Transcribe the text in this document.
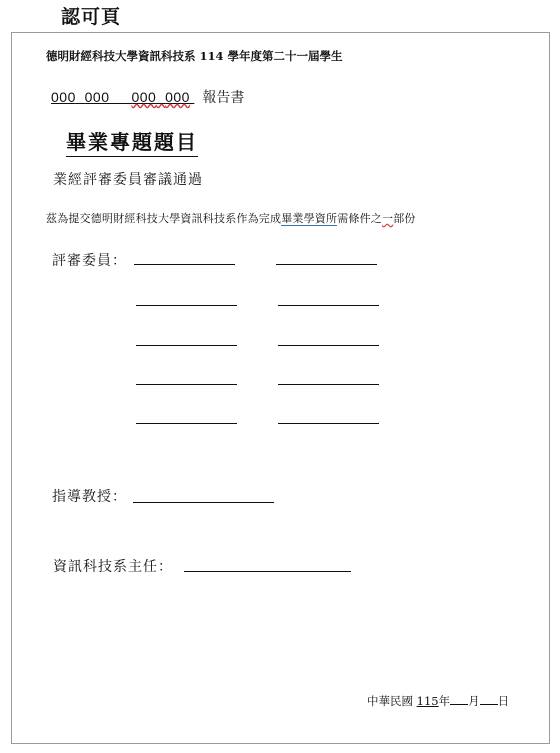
認可頁
德明財經科技大學資訊科技系 114 學年度第二十一屆學生
000 000 000 000 報告書
畢業專題題目
業經評審委員審議通過
茲為提交德明財經科技大學資訊科技系作為完成畢業學資所需條件之一部份
評審委員：
指導教授：
資訊科技系主任：
中華民國 115年 月 日
